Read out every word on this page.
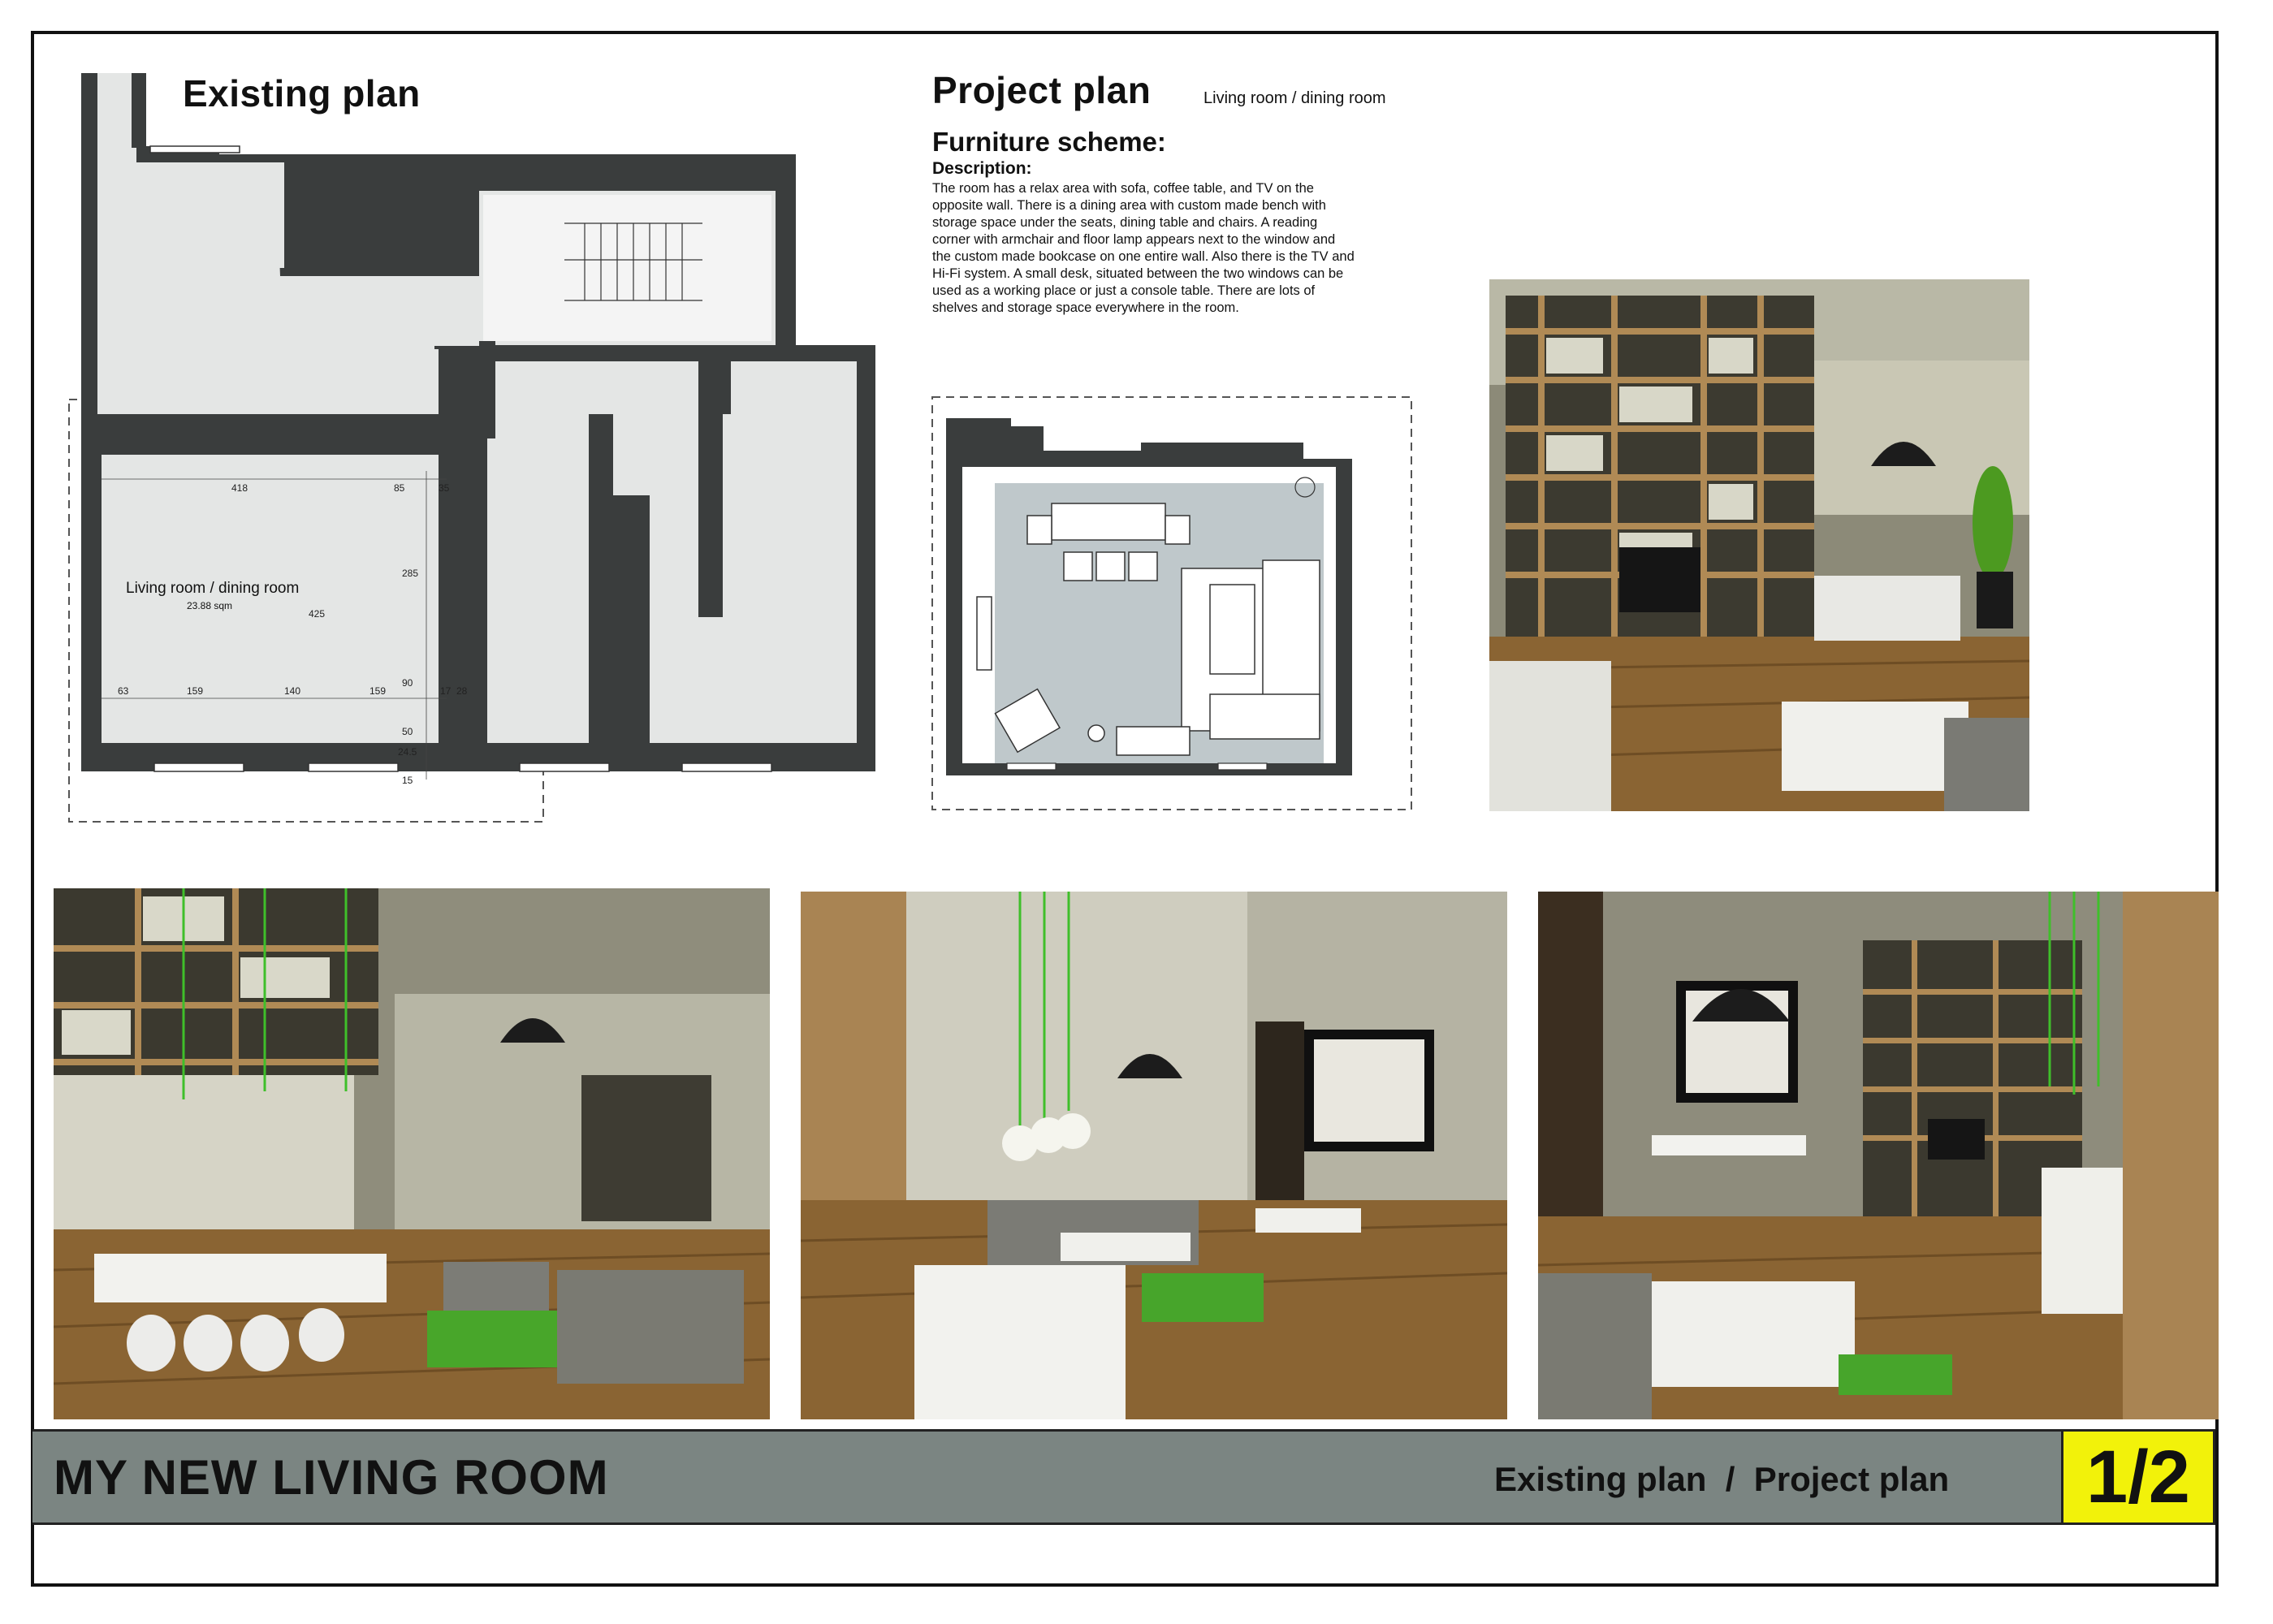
Existing plan
418	85	35
285
425
63	159	140	159	17 28
90
50
24.5
15
Living room / dining room
23.88 sqm
Project plan	Living room / dining room
Furniture scheme:
Description:
The room has a relax area with sofa, coffee table, and TV on the opposite wall. There is a dining area with custom made bench with storage space under the seats, dining table and chairs. A reading corner with armchair and floor lamp appears next to the window and the custom made bookcase on one entire wall. Also there is the TV and Hi-Fi system. A small desk, situated between the two windows can be used as a working place or just a console table. There are lots of shelves and storage space everywhere in the room.
MY NEW LIVING ROOM	Existing plan  /  Project plan	1/2
